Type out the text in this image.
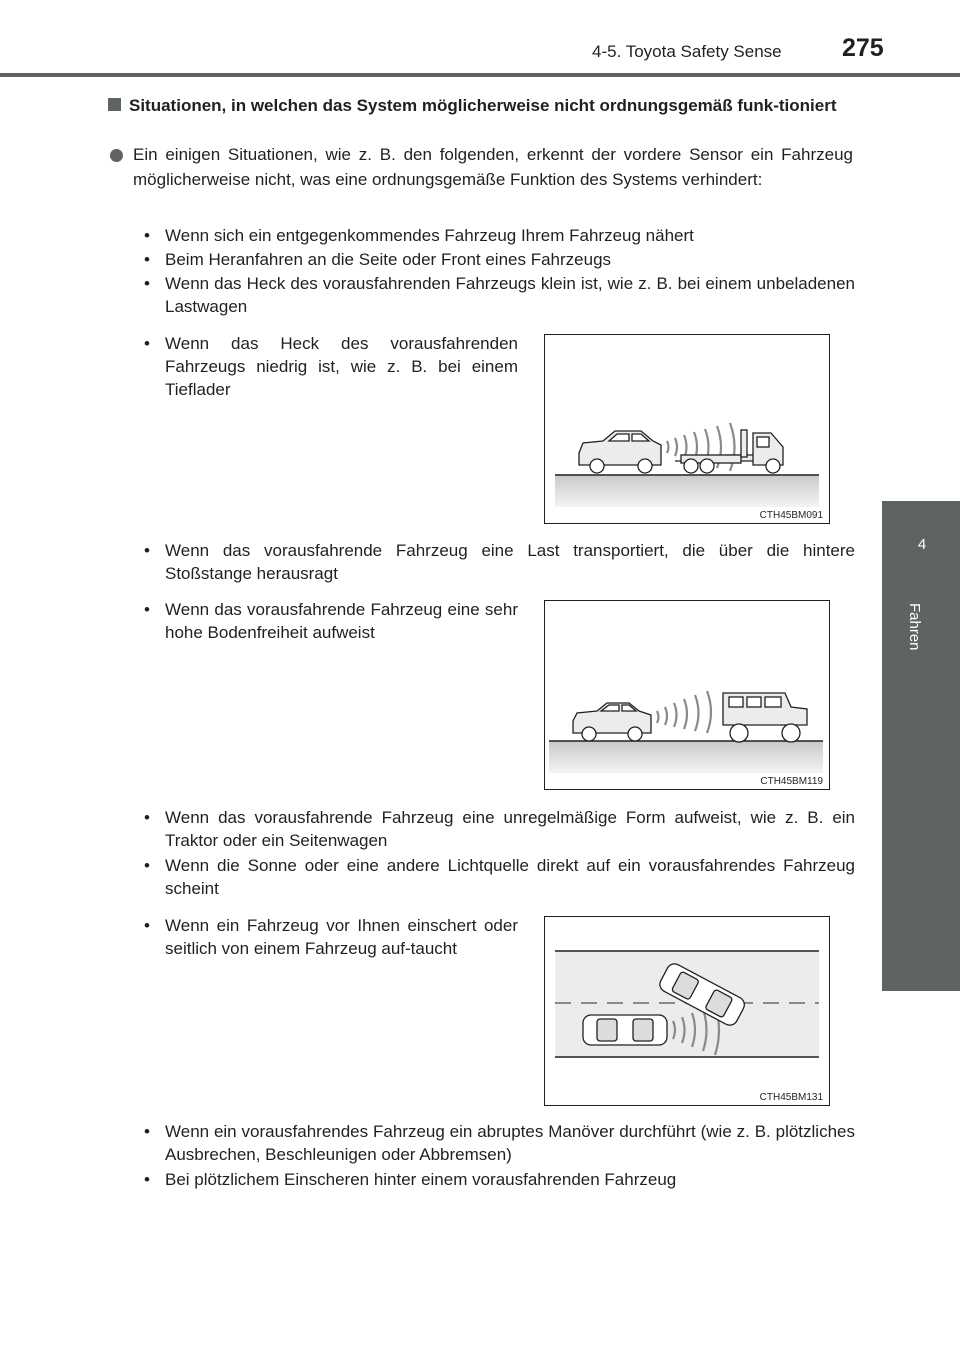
4-5. Toyota Safety Sense 275
4
Fahren
Situationen, in welchen das System möglicherweise nicht ordnungsgemäß funk-tioniert
Ein einigen Situationen, wie z. B. den folgenden, erkennt der vordere Sensor ein Fahrzeug möglicherweise nicht, was eine ordnungsgemäße Funktion des Systems verhindert:
• Wenn sich ein entgegenkommendes Fahrzeug Ihrem Fahrzeug nähert
• Beim Heranfahren an die Seite oder Front eines Fahrzeugs
• Wenn das Heck des vorausfahrenden Fahrzeugs klein ist, wie z. B. bei einem unbeladenen Lastwagen
• Wenn das Heck des vorausfahrenden Fahrzeugs niedrig ist, wie z. B. bei einem Tieflader
• Wenn das vorausfahrende Fahrzeug eine Last transportiert, die über die hintere Stoßstange herausragt
• Wenn das vorausfahrende Fahrzeug eine sehr hohe Bodenfreiheit aufweist
• Wenn das vorausfahrende Fahrzeug eine unregelmäßige Form aufweist, wie z. B. ein Traktor oder ein Seitenwagen
• Wenn die Sonne oder eine andere Lichtquelle direkt auf ein vorausfahrendes Fahrzeug scheint
• Wenn ein Fahrzeug vor Ihnen einschert oder seitlich von einem Fahrzeug auf-taucht
• Wenn ein vorausfahrendes Fahrzeug ein abruptes Manöver durchführt (wie z. B. plötzliches Ausbrechen, Beschleunigen oder Abbremsen)
• Bei plötzlichem Einscheren hinter einem vorausfahrenden Fahrzeug
CTH45BM091
CTH45BM119
CTH45BM131
